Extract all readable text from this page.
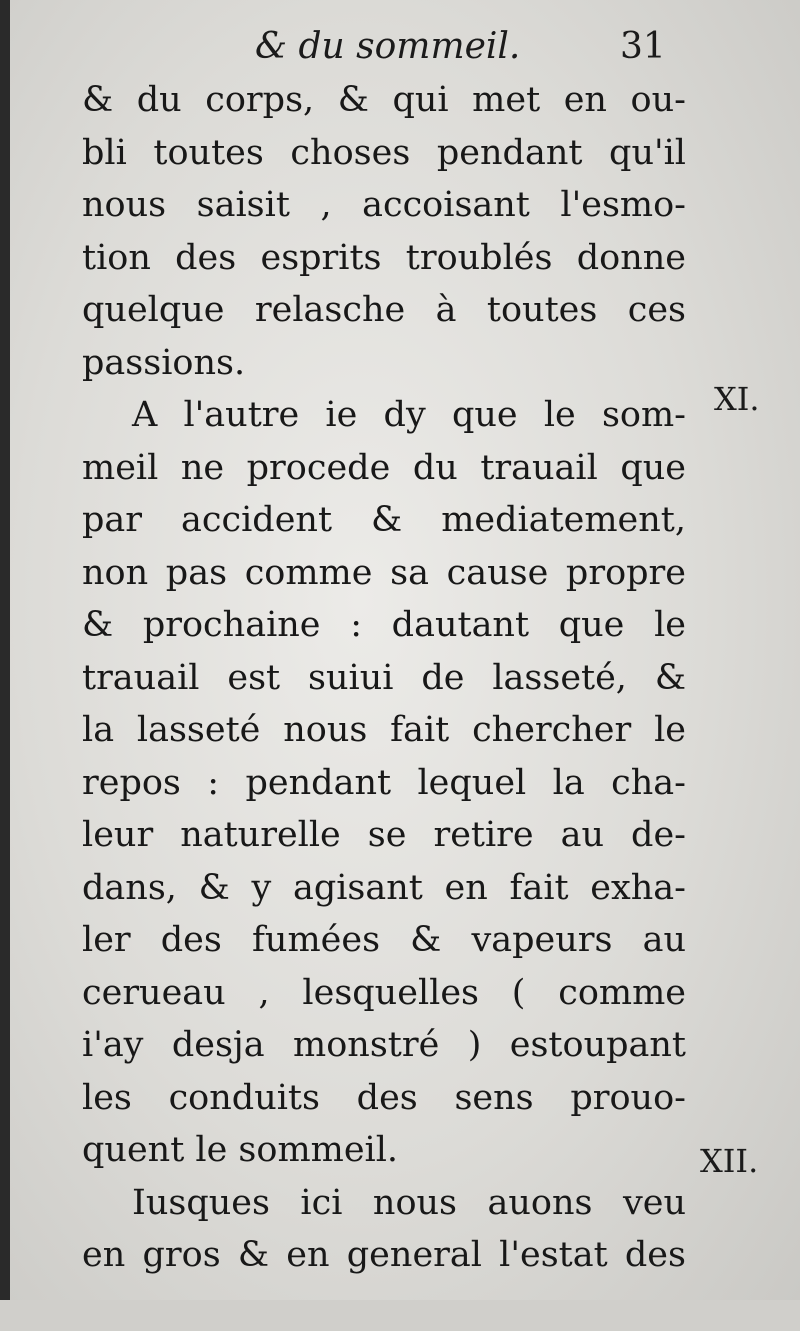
& du sommeil.	31
& du corps, & qui met en ou-
bli toutes choses pendant qu'il
nous saisit , accoisant l'esmo-
tion des esprits troublés donne
quelque relasche à toutes ces
passions.
A l'autre ie dy que le som-
meil ne procede du trauail que
par accident & mediatement,
non pas comme sa cause propre
& prochaine : dautant que le
trauail est suiui de lasseté, &
la lasseté nous fait chercher le
repos : pendant lequel la cha-
leur naturelle se retire au de-
dans, & y agisant en fait exha-
ler des fumées & vapeurs au
cerueau , lesquelles ( comme
i'ay desja monstré ) estoupant
les conduits des sens prouo-
quent le sommeil.
Iusques ici nous auons veu
en gros & en general l'estat des
XI.
XII.
